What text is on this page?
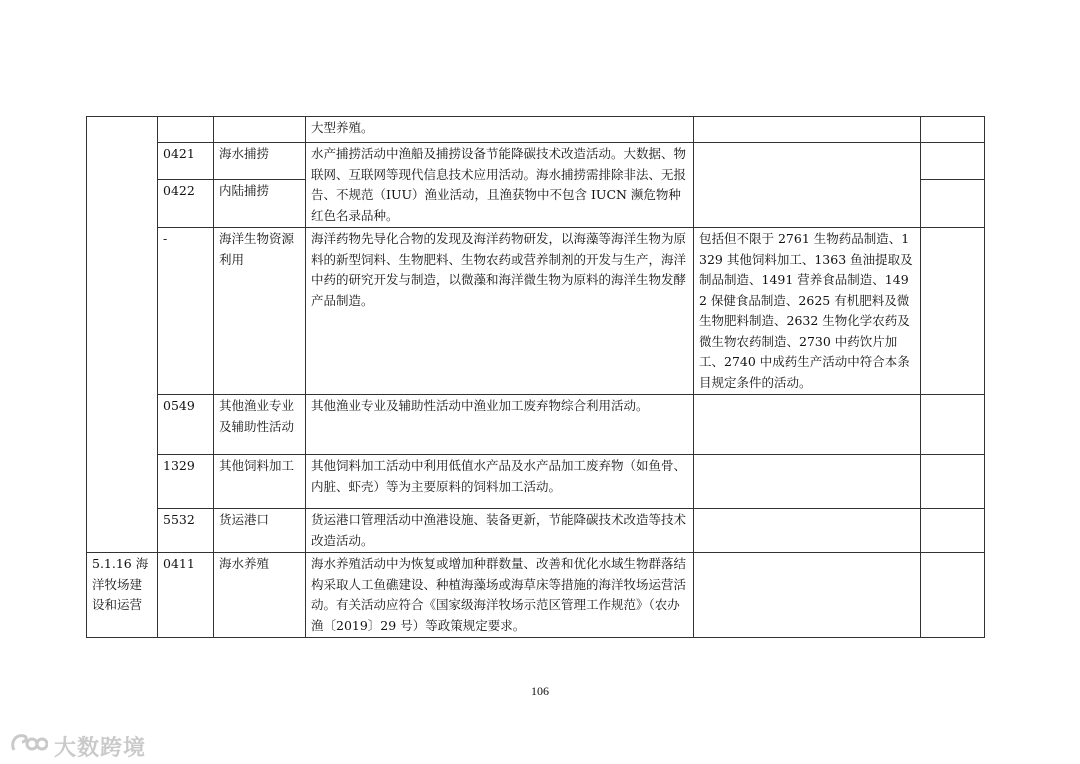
			大型养殖。		
	0421	海水捕捞	水产捕捞活动中渔船及捕捞设备节能降碳技术改造活动。大数据、物联网、互联网等现代信息技术应用活动。海水捕捞需排除非法、无报告、不规范（IUU）渔业活动，且渔获物中不包含 IUCN 濒危物种红色名录品种。		
	0422	内陆捕捞			
	-	海洋生物资源利用	海洋药物先导化合物的发现及海洋药物研发，以海藻等海洋生物为原料的新型饲料、生物肥料、生物农药或营养制剂的开发与生产，海洋中药的研究开发与制造，以微藻和海洋微生物为原料的海洋生物发酵产品制造。	包括但不限于 2761 生物药品制造、1329 其他饲料加工、1363 鱼油提取及制品制造、1491 营养食品制造、1492 保健食品制造、2625 有机肥料及微生物肥料制造、2632 生物化学农药及微生物农药制造、2730 中药饮片加工、2740 中成药生产活动中符合本条目规定条件的活动。	
	0549	其他渔业专业及辅助性活动	其他渔业专业及辅助性活动中渔业加工废弃物综合利用活动。		
	1329	其他饲料加工	其他饲料加工活动中利用低值水产品及水产品加工废弃物（如鱼骨、内脏、虾壳）等为主要原料的饲料加工活动。		
	5532	货运港口	货运港口管理活动中渔港设施、装备更新，节能降碳技术改造等技术改造活动。		
5.1.16 海洋牧场建设和运营	0411	海水养殖	海水养殖活动中为恢复或增加种群数量、改善和优化水域生物群落结构采取人工鱼礁建设、种植海藻场或海草床等措施的海洋牧场运营活动。有关活动应符合《国家级海洋牧场示范区管理工作规范》（农办渔〔2019〕29 号）等政策规定要求。		
106
大数跨境
